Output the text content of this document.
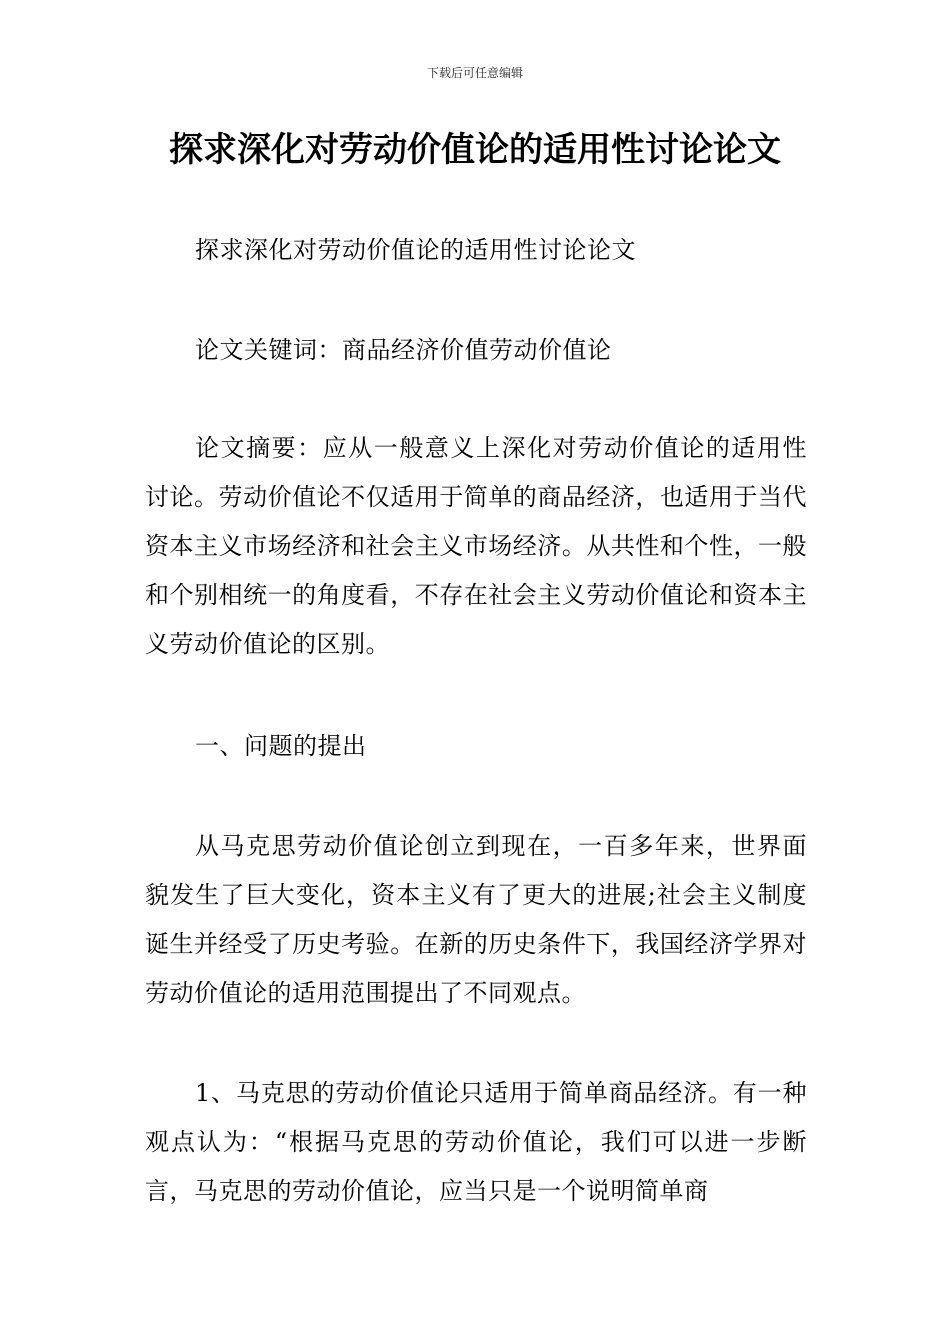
下载后可任意编辑
探求深化对劳动价值论的适用性讨论论文

探求深化对劳动价值论的适用性讨论论文

论文关键词：商品经济价值劳动价值论

论文摘要：应从一般意义上深化对劳动价值论的适用性讨论。劳动价值论不仅适用于简单的商品经济，也适用于当代资本主义市场经济和社会主义市场经济。从共性和个性，一般和个别相统一的角度看，不存在社会主义劳动价值论和资本主义劳动价值论的区别。

一、问题的提出

从马克思劳动价值论创立到现在，一百多年来，世界面貌发生了巨大变化，资本主义有了更大的进展;社会主义制度诞生并经受了历史考验。在新的历史条件下，我国经济学界对劳动价值论的适用范围提出了不同观点。

1、马克思的劳动价值论只适用于简单商品经济。有一种观点认为：“根据马克思的劳动价值论，我们可以进一步断言，马克思的劳动价值论，应当只是一个说明简单商
